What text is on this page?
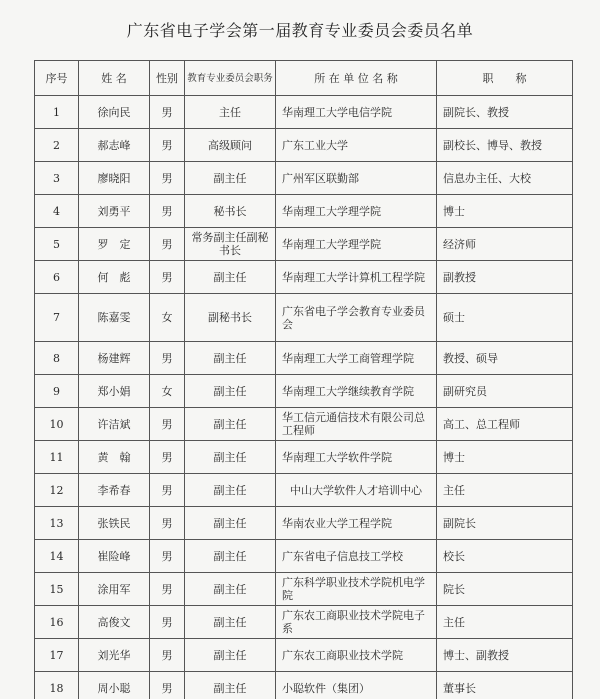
广东省电子学会第一届教育专业委员会委员名单
序号	姓 名	性别	教育专业委员会职务	所 在 单 位 名 称	职　　称
1	徐向民	男	主任	华南理工大学电信学院	副院长、教授
2	郝志峰	男	高级顾问	广东工业大学	副校长、博导、教授
3	廖晓阳	男	副主任	广州军区联勤部	信息办主任、大校
4	刘勇平	男	秘书长	华南理工大学理学院	博士
5	罗　定	男	常务副主任副秘书长	华南理工大学理学院	经济师
6	何　彪	男	副主任	华南理工大学计算机工程学院	副教授
7	陈嘉雯	女	副秘书长	广东省电子学会教育专业委员会	硕士
8	杨建辉	男	副主任	华南理工大学工商管理学院	教授、硕导
9	郑小娟	女	副主任	华南理工大学继续教育学院	副研究员
10	许洁斌	男	副主任	华工信元通信技术有限公司总工程师	高工、总工程师
11	黄　翰	男	副主任	华南理工大学软件学院	博士
12	李希春	男	副主任	中山大学软件人才培训中心	主任
13	张铁民	男	副主任	华南农业大学工程学院	副院长
14	崔险峰	男	副主任	广东省电子信息技工学校	校长
15	涂用军	男	副主任	广东科学职业技术学院机电学院	院长
16	高俊文	男	副主任	广东农工商职业技术学院电子系	主任
17	刘光华	男	副主任	广东农工商职业技术学院	博士、副教授
18	周小聪	男	副主任	小聪软件（集团）	董事长
